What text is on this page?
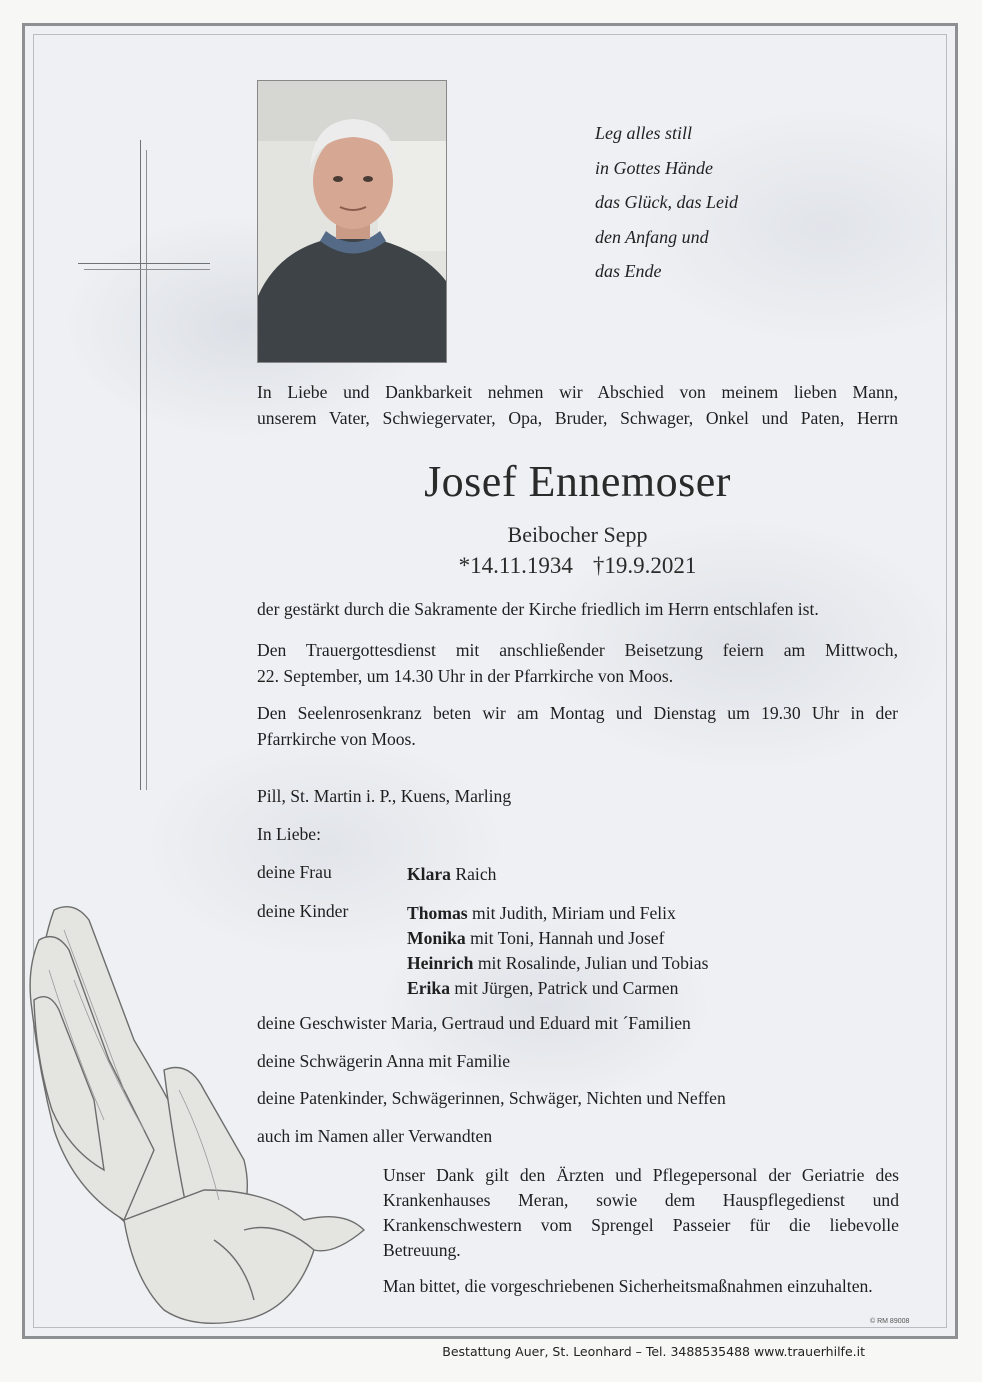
Leg alles still
in Gottes Hände
das Glück, das Leid
den Anfang und
das Ende
In Liebe und Dankbarkeit nehmen wir Abschied von meinem lieben Mann,
unserem Vater, Schwiegervater, Opa, Bruder, Schwager, Onkel und Paten, Herrn
Josef Ennemoser
Beibocher Sepp
*14.11.1934 †19.9.2021
der gestärkt durch die Sakramente der Kirche friedlich im Herrn entschlafen ist.
Den Trauergottesdienst mit anschließender Beisetzung feiern am Mittwoch,
22. September, um 14.30 Uhr in der Pfarrkirche von Moos.
Den Seelenrosenkranz beten wir am Montag und Dienstag um 19.30 Uhr in der
Pfarrkirche von Moos.
Pill, St. Martin i. P., Kuens, Marling
In Liebe:
deine Frau	Klara Raich
deine Kinder	Thomas mit Judith, Miriam und Felix
Monika mit Toni, Hannah und Josef
Heinrich mit Rosalinde, Julian und Tobias
Erika mit Jürgen, Patrick und Carmen
deine Geschwister Maria, Gertraud und Eduard mit ´Familien
deine Schwägerin Anna mit Familie
deine Patenkinder, Schwägerinnen, Schwäger, Nichten und Neffen
auch im Namen aller Verwandten
Unser Dank gilt den Ärzten und Pflegepersonal der Geriatrie des
Krankenhauses Meran, sowie dem Hauspflegedienst und
Krankenschwestern vom Sprengel Passeier für die liebevolle
Betreuung.
Man bittet, die vorgeschriebenen Sicherheitsmaßnahmen einzuhalten.
© RM 89008
Bestattung Auer, St. Leonhard – Tel. 3488535488 www.trauerhilfe.it
